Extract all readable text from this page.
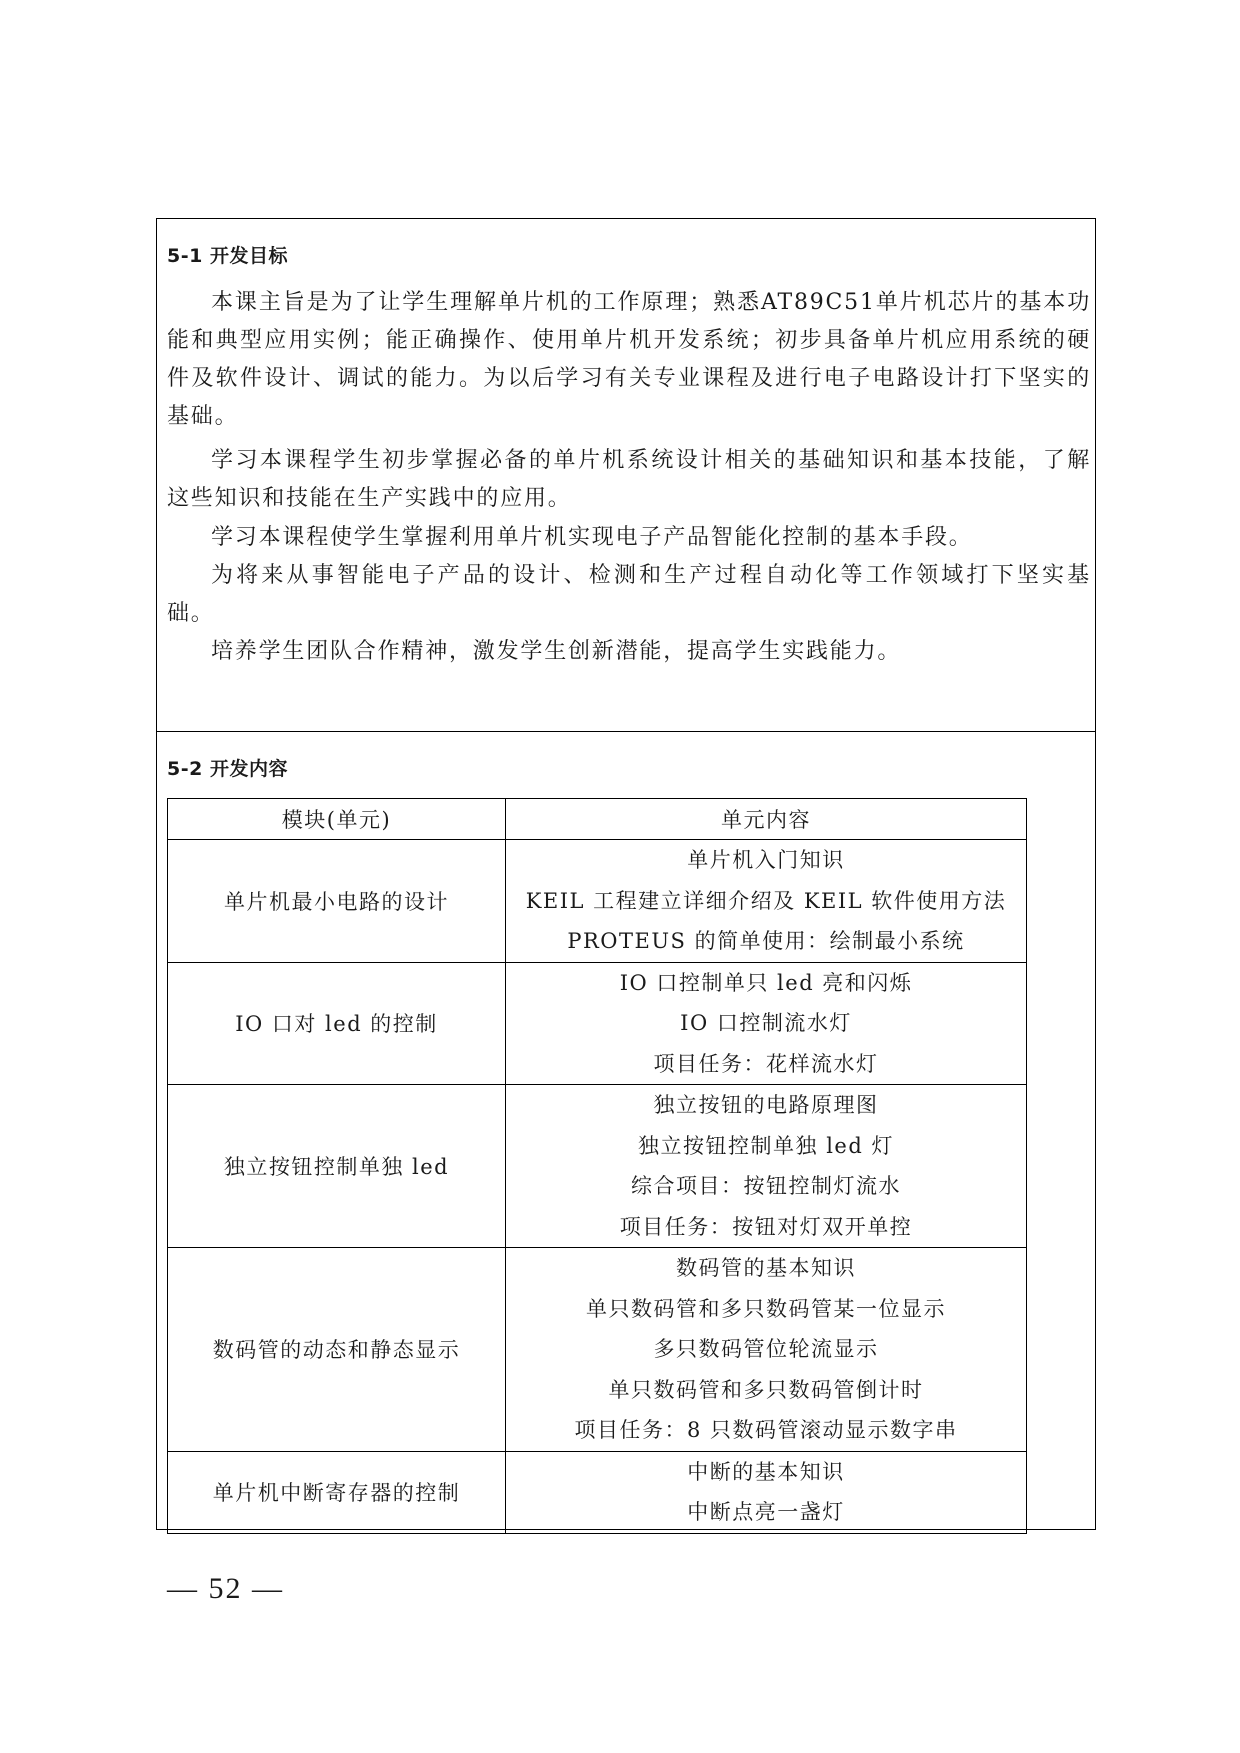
5-1 开发目标

本课主旨是为了让学生理解单片机的工作原理；熟悉AT89C51单片机芯片的基本功能和典型应用实例；能正确操作、使用单片机开发系统；初步具备单片机应用系统的硬件及软件设计、调试的能力。为以后学习有关专业课程及进行电子电路设计打下坚实的基础。

学习本课程学生初步掌握必备的单片机系统设计相关的基础知识和基本技能，了解这些知识和技能在生产实践中的应用。

学习本课程使学生掌握利用单片机实现电子产品智能化控制的基本手段。

为将来从事智能电子产品的设计、检测和生产过程自动化等工作领域打下坚实基础。

培养学生团队合作精神，激发学生创新潜能，提高学生实践能力。

5-2 开发内容
模块(单元)	单元内容
单片机最小电路的设计	单片机入门知识
KEIL 工程建立详细介绍及 KEIL 软件使用方法
PROTEUS 的简单使用：绘制最小系统

IO 口对 led 的控制	IO 口控制单只 led 亮和闪烁
IO 口控制流水灯
项目任务：花样流水灯

独立按钮控制单独 led	独立按钮的电路原理图
独立按钮控制单独 led 灯
综合项目：按钮控制灯流水
项目任务：按钮对灯双开单控

数码管的动态和静态显示	数码管的基本知识
单只数码管和多只数码管某一位显示
多只数码管位轮流显示
单只数码管和多只数码管倒计时
项目任务：8 只数码管滚动显示数字串

单片机中断寄存器的控制	中断的基本知识
中断点亮一盏灯
— 52 —
